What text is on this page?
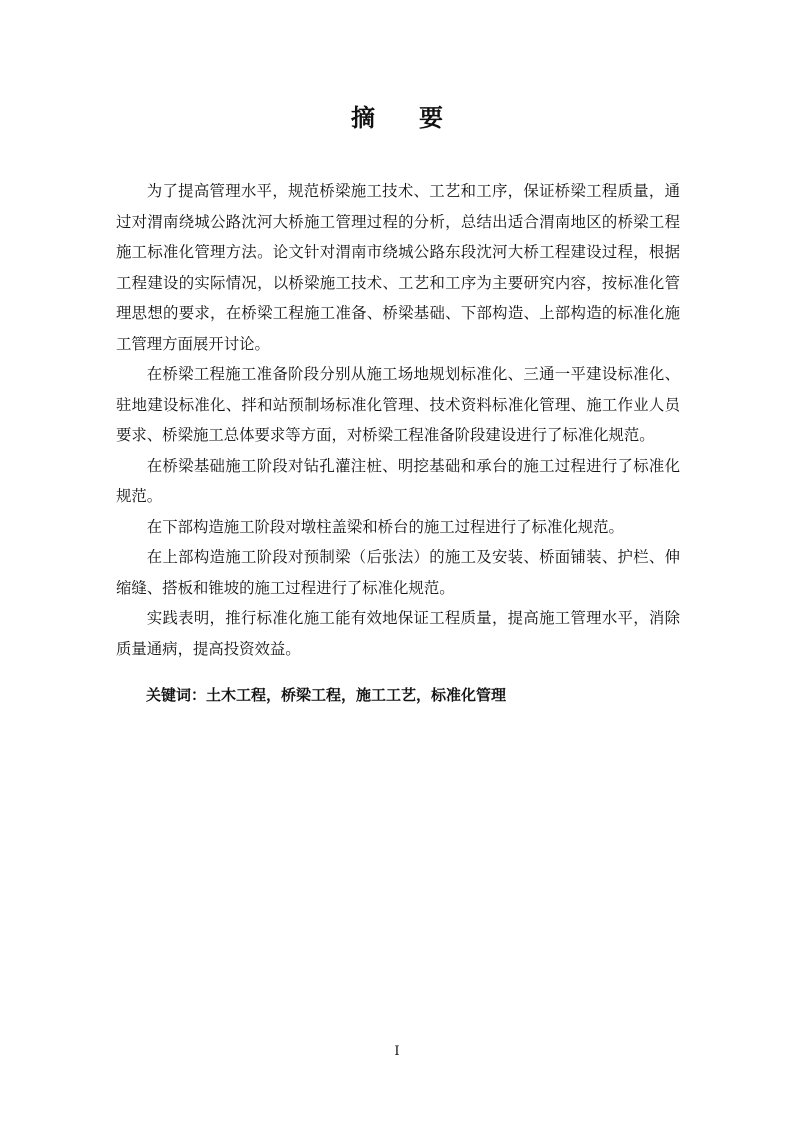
摘 要

为了提高管理水平，规范桥梁施工技术、工艺和工序，保证桥梁工程质量，通过对渭南绕城公路沈河大桥施工管理过程的分析，总结出适合渭南地区的桥梁工程施工标准化管理方法。论文针对渭南市绕城公路东段沈河大桥工程建设过程，根据工程建设的实际情况，以桥梁施工技术、工艺和工序为主要研究内容，按标准化管理思想的要求，在桥梁工程施工准备、桥梁基础、下部构造、上部构造的标准化施工管理方面展开讨论。

在桥梁工程施工准备阶段分别从施工场地规划标准化、三通一平建设标准化、驻地建设标准化、拌和站预制场标准化管理、技术资料标准化管理、施工作业人员要求、桥梁施工总体要求等方面，对桥梁工程准备阶段建设进行了标准化规范。

在桥梁基础施工阶段对钻孔灌注桩、明挖基础和承台的施工过程进行了标准化规范。

在下部构造施工阶段对墩柱盖梁和桥台的施工过程进行了标准化规范。

在上部构造施工阶段对预制梁（后张法）的施工及安装、桥面铺装、护栏、伸缩缝、搭板和锥坡的施工过程进行了标准化规范。

实践表明，推行标准化施工能有效地保证工程质量，提高施工管理水平，消除质量通病，提高投资效益。

关键词：土木工程，桥梁工程，施工工艺，标准化管理
I
